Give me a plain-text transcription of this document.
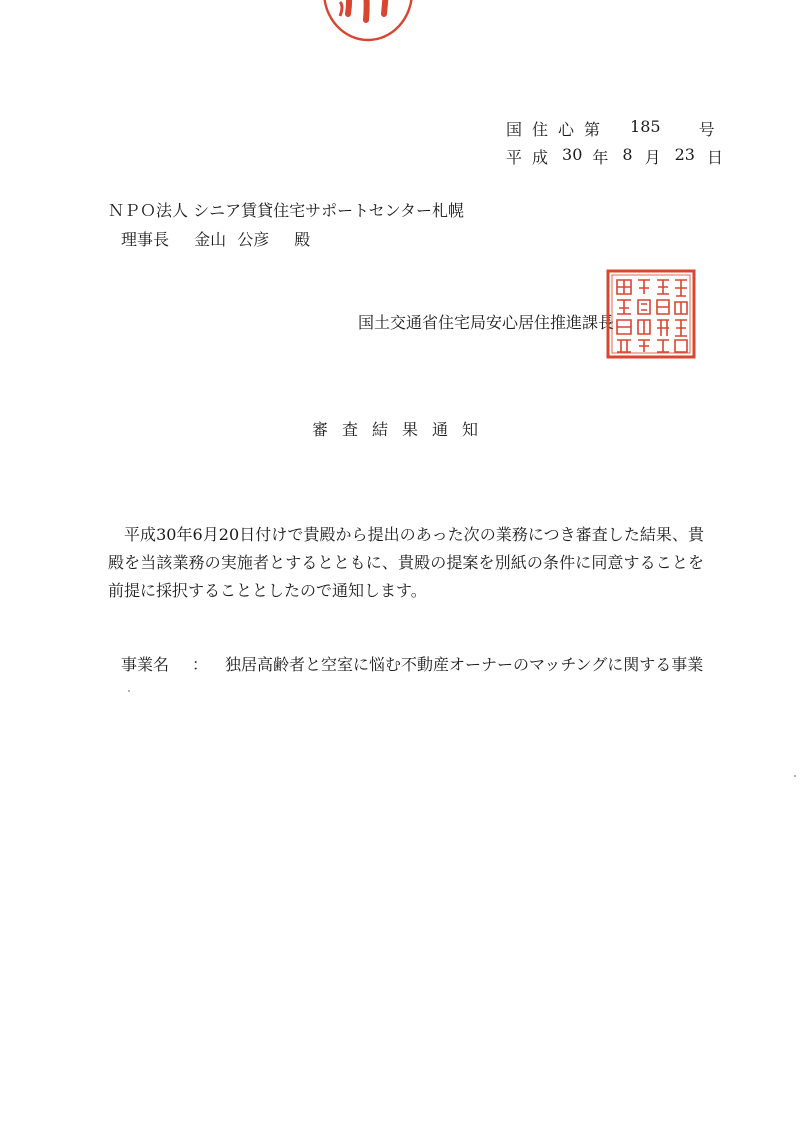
国住心第 185 号
平成 30 年 8 月 23 日
ＮＰＯ法人 シニア賃貸住宅サポートセンター札幌
理事長 金山 公彦 殿
国土交通省住宅局安心居住推進課長
審査結果通知
平成30年6月20日付けで貴殿から提出のあった次の業務につき審査した結果、貴殿を当該業務の実施者とするとともに、貴殿の提案を別紙の条件に同意することを前提に採択することとしたので通知します。
事業名	：	独居高齢者と空室に悩む不動産オーナーのマッチングに関する事業
